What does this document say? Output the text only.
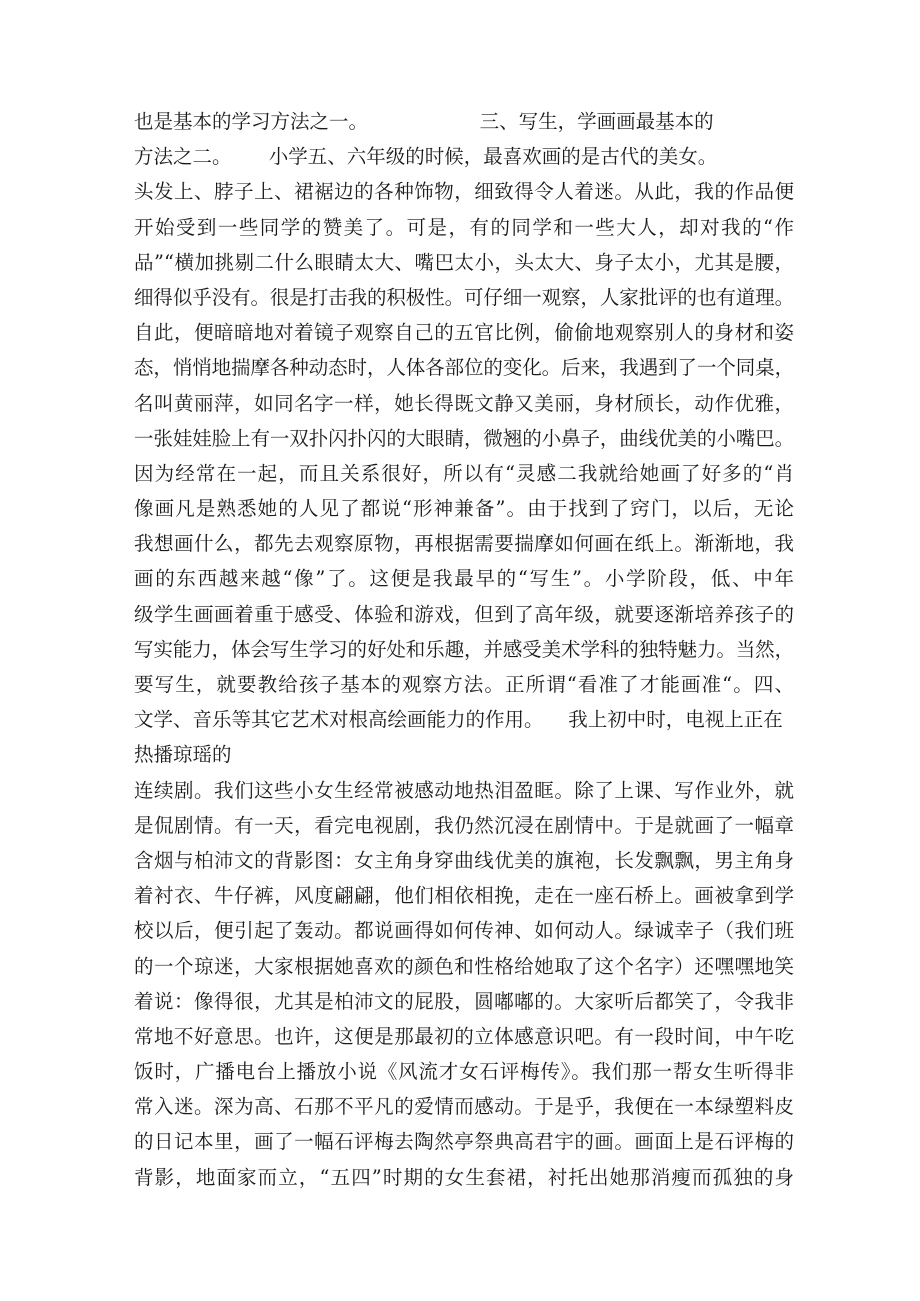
也是基本的学习方法之一。                  三、写生，学画画最基本的
方法之二。      小学五、六年级的时候，最喜欢画的是古代的美女。
头发上、脖子上、裙裾边的各种饰物，细致得令人着迷。从此，我的作品便
开始受到一些同学的赞美了。可是，有的同学和一些大人，却对我的“作
品”“横加挑剔二什么眼睛太大、嘴巴太小，头太大、身子太小，尤其是腰，
细得似乎没有。很是打击我的积极性。可仔细一观察，人家批评的也有道理。
自此，便暗暗地对着镜子观察自己的五官比例，偷偷地观察别人的身材和姿
态，悄悄地揣摩各种动态时，人体各部位的变化。后来，我遇到了一个同桌，
名叫黄丽萍，如同名字一样，她长得既文静又美丽，身材颀长，动作优雅，
一张娃娃脸上有一双扑闪扑闪的大眼睛，微翘的小鼻子，曲线优美的小嘴巴。
因为经常在一起，而且关系很好，所以有“灵感二我就给她画了好多的“肖
像画凡是熟悉她的人见了都说“形神兼备”。由于找到了窍门，以后，无论
我想画什么，都先去观察原物，再根据需要揣摩如何画在纸上。渐渐地，我
画的东西越来越“像”了。这便是我最早的“写生”。小学阶段，低、中年
级学生画画着重于感受、体验和游戏，但到了高年级，就要逐渐培养孩子的
写实能力，体会写生学习的好处和乐趣，并感受美术学科的独特魅力。当然，
要写生，就要教给孩子基本的观察方法。正所谓“看准了才能画准“。四、
文学、音乐等其它艺术对根高绘画能力的作用。    我上初中时，电视上正在
热播琼瑶的
连续剧。我们这些小女生经常被感动地热泪盈眶。除了上课、写作业外，就
是侃剧情。有一天，看完电视剧，我仍然沉浸在剧情中。于是就画了一幅章
含烟与柏沛文的背影图：女主角身穿曲线优美的旗袍，长发飘飘，男主角身
着衬衣、牛仔裤，风度翩翩，他们相依相挽，走在一座石桥上。画被拿到学
校以后，便引起了轰动。都说画得如何传神、如何动人。绿诚幸子（我们班
的一个琼迷，大家根据她喜欢的颜色和性格给她取了这个名字）还嘿嘿地笑
着说：像得很，尤其是柏沛文的屁股，圆嘟嘟的。大家听后都笑了，令我非
常地不好意思。也许，这便是那最初的立体感意识吧。有一段时间，中午吃
饭时，广播电台上播放小说《风流才女石评梅传》。我们那一帮女生听得非
常入迷。深为高、石那不平凡的爱情而感动。于是乎，我便在一本绿塑料皮
的日记本里，画了一幅石评梅去陶然亭祭典高君宇的画。画面上是石评梅的
背影，地面家而立，“五四”时期的女生套裙，衬托出她那消瘦而孤独的身
